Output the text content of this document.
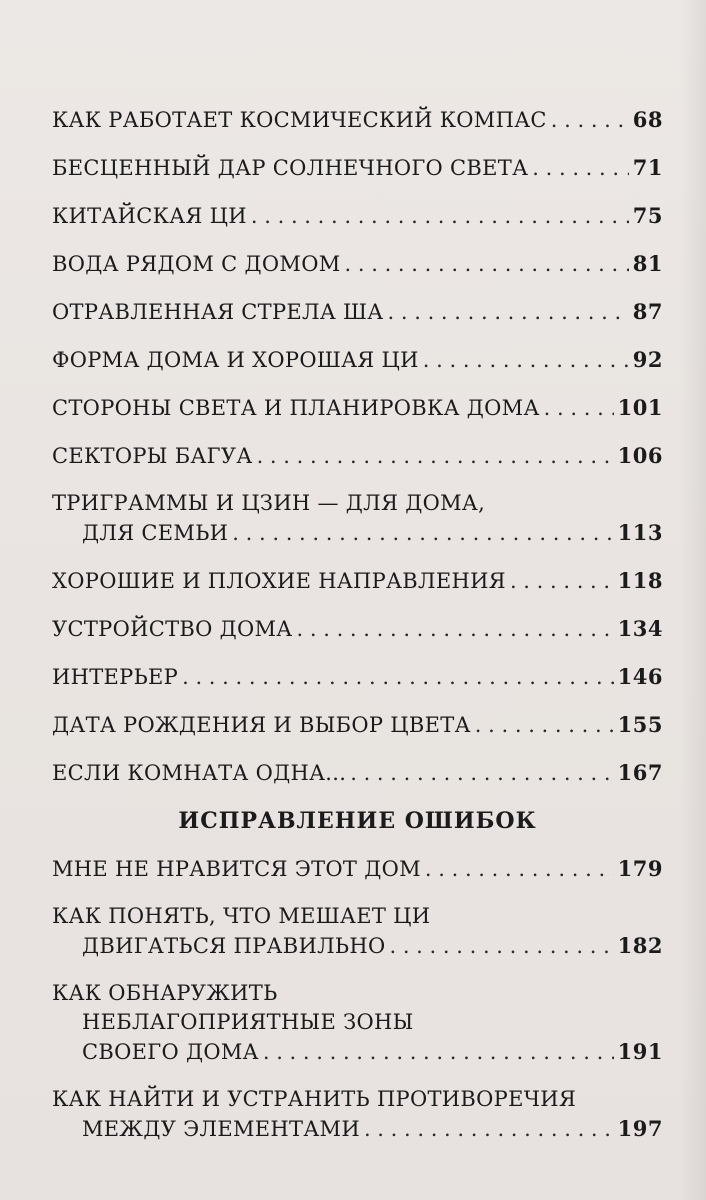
КАК РАБОТАЕТ КОСМИЧЕСКИЙ КОМПАС . . .	68
БЕСЦЕННЫЙ ДАР СОЛНЕЧНОГО СВЕТА . . .	71
КИТАЙСКАЯ ЦИ . . .	75
ВОДА РЯДОМ С ДОМОМ . . .	81
ОТРАВЛЕННАЯ СТРЕЛА ША . . .	87
ФОРМА ДОМА И ХОРОШАЯ ЦИ . . .	92
СТОРОНЫ СВЕТА И ПЛАНИРОВКА ДОМА . . .	101
СЕКТОРЫ БАГУА . . .	106
ТРИГРАММЫ И ЦЗИН — ДЛЯ ДОМА,
ДЛЯ СЕМЬИ . . .	113
ХОРОШИЕ И ПЛОХИЕ НАПРАВЛЕНИЯ . . .	118
УСТРОЙСТВО ДОМА . . .	134
ИНТЕРЬЕР . . .	146
ДАТА РОЖДЕНИЯ И ВЫБОР ЦВЕТА . . .	155
ЕСЛИ КОМНАТА ОДНА... . . .	167
ИСПРАВЛЕНИЕ ОШИБОК
МНЕ НЕ НРАВИТСЯ ЭТОТ ДОМ . . .	179
КАК ПОНЯТЬ, ЧТО МЕШАЕТ ЦИ
ДВИГАТЬСЯ ПРАВИЛЬНО . . .	182
КАК ОБНАРУЖИТЬ
НЕБЛАГОПРИЯТНЫЕ ЗОНЫ
СВОЕГО ДОМА . . .	191
КАК НАЙТИ И УСТРАНИТЬ ПРОТИВОРЕЧИЯ
МЕЖДУ ЭЛЕМЕНТАМИ . . .	197
